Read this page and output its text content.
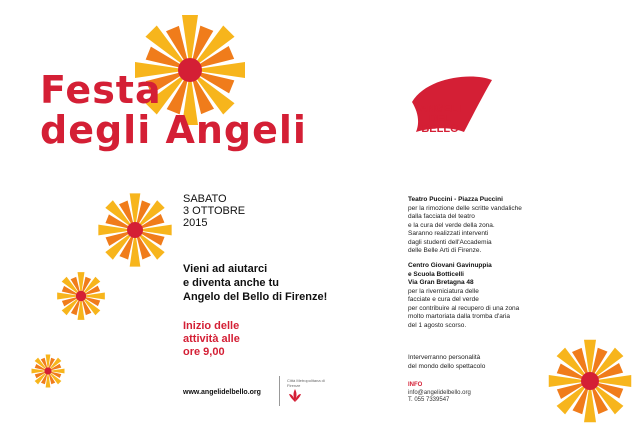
Festa
degli Angeli	ANGELI
DEL
BELLO
SABATO
3 OTTOBRE
2015
Vieni ad aiutarci
e diventa anche tu
Angelo del Bello di Firenze!
Inizio delle
attività alle
ore 9,00
www.angelidelbello.org
Città Metropolitana di Firenze
Teatro Puccini - Piazza Puccini
per la rimozione delle scritte vandaliche
dalla facciata del teatro
e la cura del verde della zona.
Saranno realizzati interventi
dagli studenti dell'Accademia
delle Belle Arti di Firenze.
Centro Giovani Gavinuppia
e Scuola Botticelli
Via Gran Bretagna 48
per la riverniciatura delle
facciate e cura del verde
per contribuire al recupero di una zona
molto martoriata dalla tromba d'aria
del 1 agosto scorso.
Interverranno personalità
del mondo dello spettacolo
INFO
info@angelidelbello.org
T. 055 7339547
